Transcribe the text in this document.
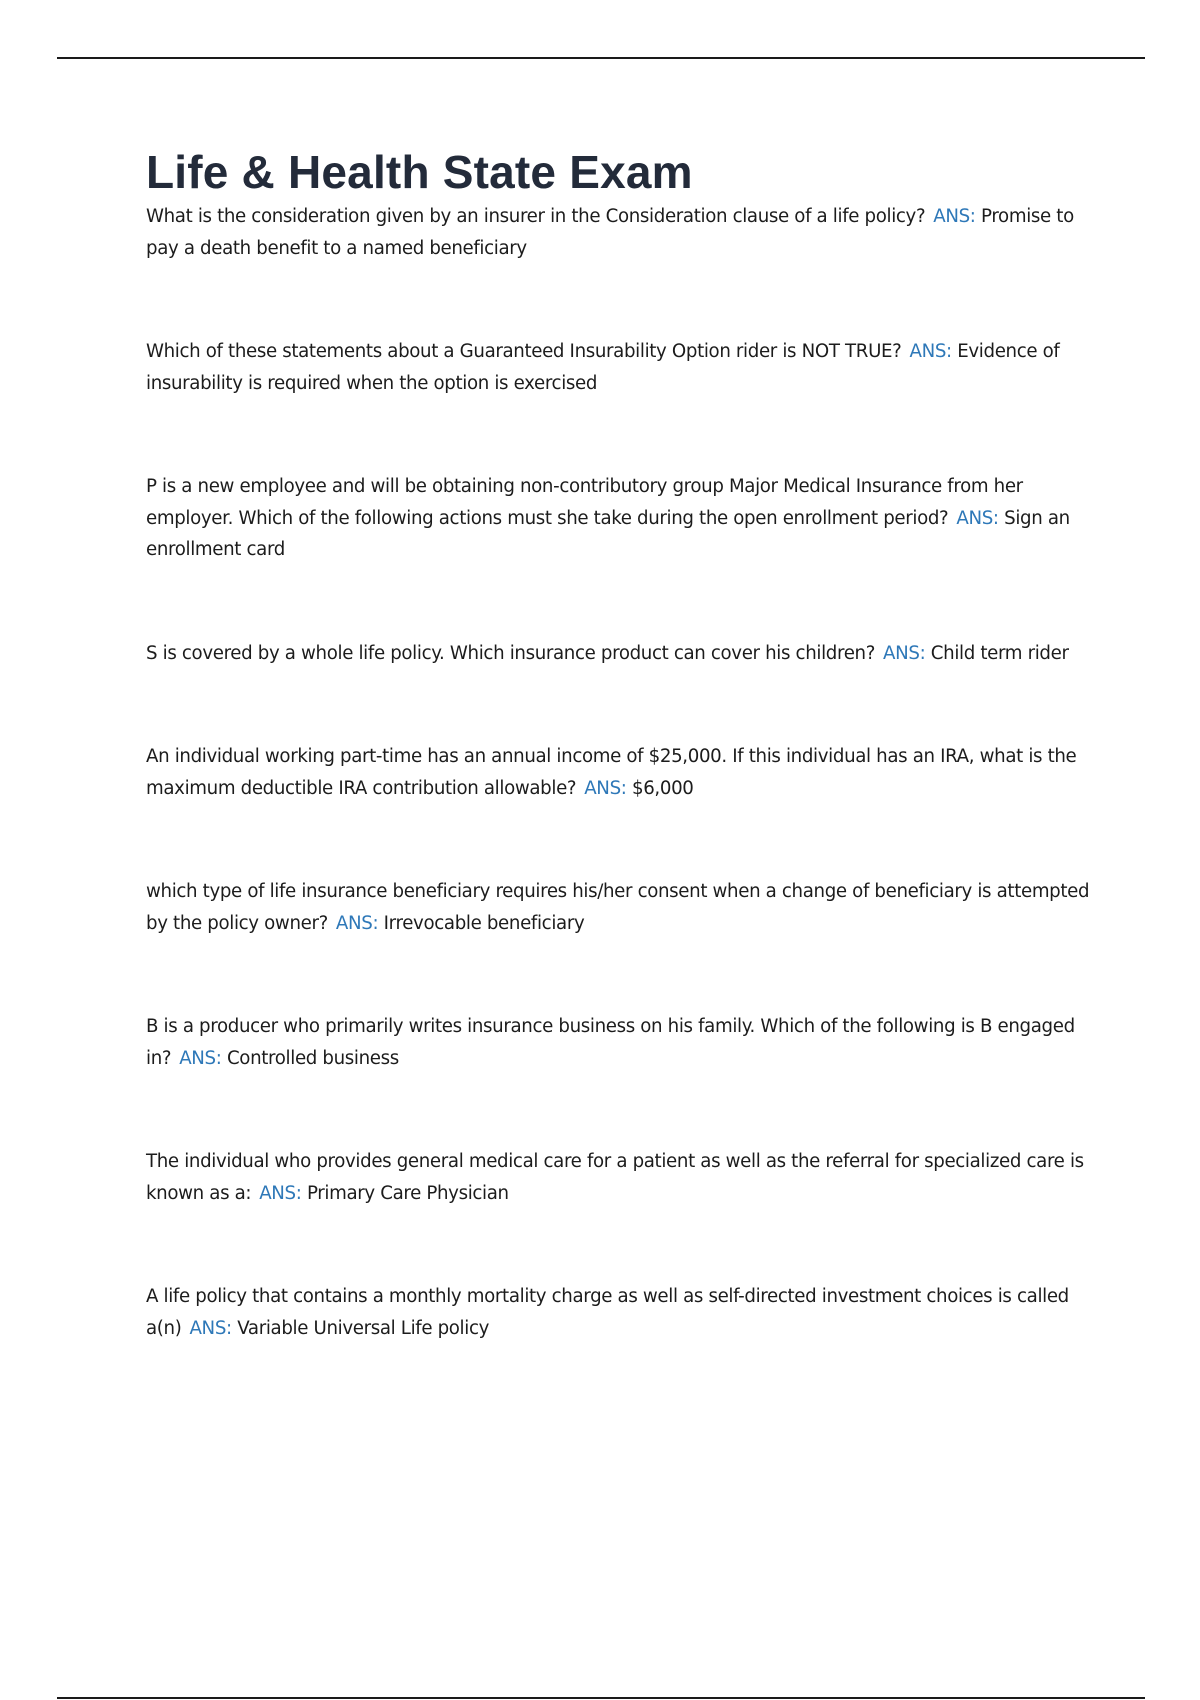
Life & Health State Exam

What is the consideration given by an insurer in the Consideration clause of a life policy? ANS: Promise to pay a death benefit to a named beneficiary

Which of these statements about a Guaranteed Insurability Option rider is NOT TRUE? ANS: Evidence of insurability is required when the option is exercised

P is a new employee and will be obtaining non-contributory group Major Medical Insurance from her employer. Which of the following actions must she take during the open enrollment period? ANS: Sign an enrollment card

S is covered by a whole life policy. Which insurance product can cover his children? ANS: Child term rider

An individual working part-time has an annual income of $25,000. If this individual has an IRA, what is the maximum deductible IRA contribution allowable? ANS: $6,000

which type of life insurance beneficiary requires his/her consent when a change of beneficiary is attempted by the policy owner? ANS: Irrevocable beneficiary

B is a producer who primarily writes insurance business on his family. Which of the following is B engaged in? ANS: Controlled business

The individual who provides general medical care for a patient as well as the referral for specialized care is known as a: ANS: Primary Care Physician

A life policy that contains a monthly mortality charge as well as self-directed investment choices is called a(n) ANS: Variable Universal Life policy
